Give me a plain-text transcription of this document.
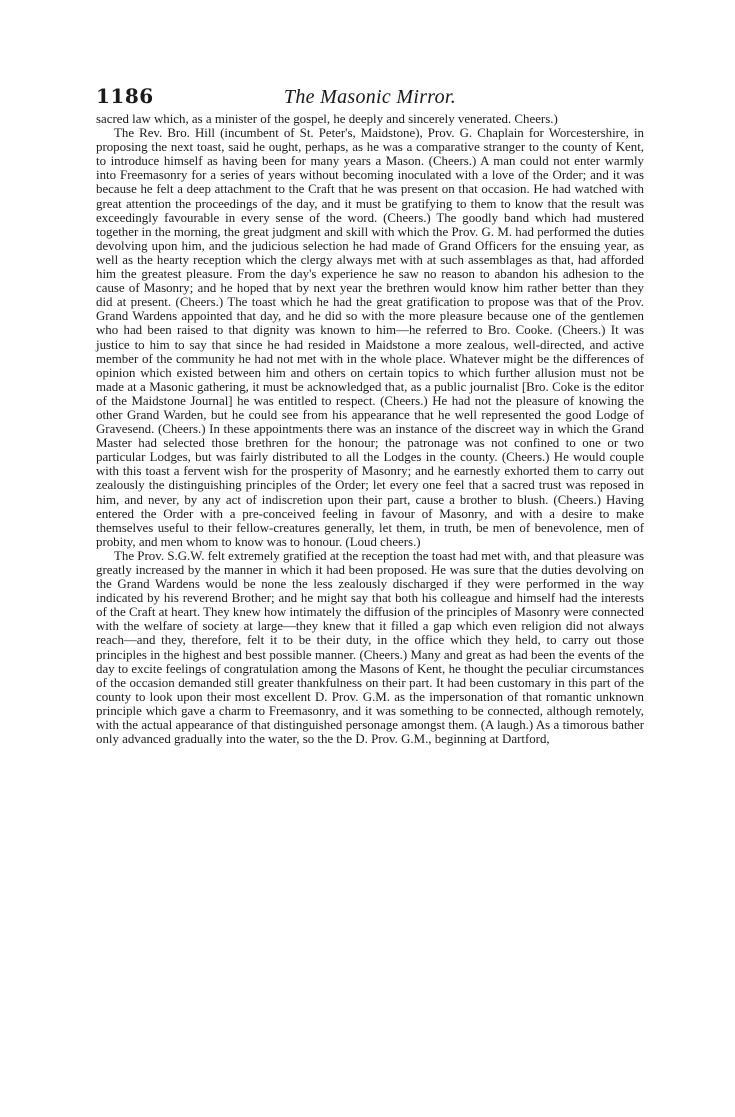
1186	The Masonic Mirror.

sacred law which, as a minister of the gospel, he deeply and sincerely venerated. Cheers.)

The Rev. Bro. Hill (incumbent of St. Peter's, Maidstone), Prov. G. Chaplain for Worcestershire, in proposing the next toast, said he ought, perhaps, as he was a comparative stranger to the county of Kent, to introduce himself as having been for many years a Mason. (Cheers.) A man could not enter warmly into Freemasonry for a series of years without becoming inoculated with a love of the Order; and it was because he felt a deep attachment to the Craft that he was present on that occasion. He had watched with great attention the proceedings of the day, and it must be gratifying to them to know that the result was exceedingly favourable in every sense of the word. (Cheers.) The goodly band which had mustered together in the morning, the great judgment and skill with which the Prov. G. M. had performed the duties devolving upon him, and the judicious selection he had made of Grand Officers for the ensuing year, as well as the hearty reception which the clergy always met with at such assemblages as that, had afforded him the greatest pleasure. From the day's experience he saw no reason to abandon his adhesion to the cause of Masonry; and he hoped that by next year the brethren would know him rather better than they did at present. (Cheers.) The toast which he had the great gratification to propose was that of the Prov. Grand Wardens appointed that day, and he did so with the more pleasure because one of the gentlemen who had been raised to that dignity was known to him—he referred to Bro. Cooke. (Cheers.) It was justice to him to say that since he had resided in Maidstone a more zealous, well-directed, and active member of the community he had not met with in the whole place. Whatever might be the differences of opinion which existed between him and others on certain topics to which further allusion must not be made at a Masonic gathering, it must be acknowledged that, as a public journalist [Bro. Coke is the editor of the Maidstone Journal] he was entitled to respect. (Cheers.) He had not the pleasure of knowing the other Grand Warden, but he could see from his appearance that he well represented the good Lodge of Gravesend. (Cheers.) In these appointments there was an instance of the discreet way in which the Grand Master had selected those brethren for the honour; the patronage was not confined to one or two particular Lodges, but was fairly distributed to all the Lodges in the county. (Cheers.) He would couple with this toast a fervent wish for the prosperity of Masonry; and he earnestly exhorted them to carry out zealously the distinguishing principles of the Order; let every one feel that a sacred trust was reposed in him, and never, by any act of indiscretion upon their part, cause a brother to blush. (Cheers.) Having entered the Order with a pre-conceived feeling in favour of Masonry, and with a desire to make themselves useful to their fellow-creatures generally, let them, in truth, be men of benevolence, men of probity, and men whom to know was to honour. (Loud cheers.)

The Prov. S.G.W. felt extremely gratified at the reception the toast had met with, and that pleasure was greatly increased by the manner in which it had been proposed. He was sure that the duties devolving on the Grand Wardens would be none the less zealously discharged if they were performed in the way indicated by his reverend Brother; and he might say that both his colleague and himself had the interests of the Craft at heart. They knew how intimately the diffusion of the principles of Masonry were connected with the welfare of society at large—they knew that it filled a gap which even religion did not always reach—and they, therefore, felt it to be their duty, in the office which they held, to carry out those principles in the highest and best possible manner. (Cheers.) Many and great as had been the events of the day to excite feelings of congratulation among the Masons of Kent, he thought the peculiar circumstances of the occasion demanded still greater thankfulness on their part. It had been customary in this part of the county to look upon their most excellent D. Prov. G.M. as the impersonation of that romantic unknown principle which gave a charm to Freemasonry, and it was something to be connected, although remotely, with the actual appearance of that distinguished personage amongst them. (A laugh.) As a timorous bather only advanced gradually into the water, so the the D. Prov. G.M., beginning at Dartford,
